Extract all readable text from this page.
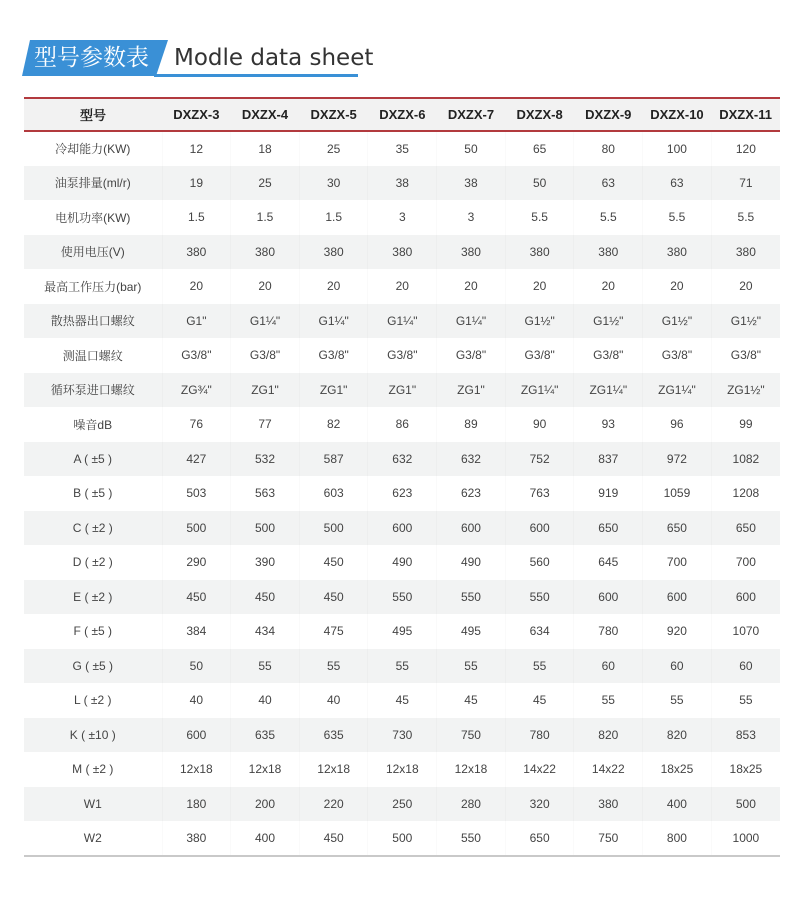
型号参数表 Modle data sheet
型号	DXZX-3	DXZX-4	DXZX-5	DXZX-6	DXZX-7	DXZX-8	DXZX-9	DXZX-10	DXZX-11
冷却能力(KW)	12	18	25	35	50	65	80	100	120
油泵排量(ml/r)	19	25	30	38	38	50	63	63	71
电机功率(KW)	1.5	1.5	1.5	3	3	5.5	5.5	5.5	5.5
使用电压(V)	380	380	380	380	380	380	380	380	380
最高工作压力(bar)	20	20	20	20	20	20	20	20	20
散热器出口螺纹	G1"	G1¼"	G1¼"	G1¼"	G1¼"	G1½"	G1½"	G1½"	G1½"
测温口螺纹	G3/8"	G3/8"	G3/8"	G3/8"	G3/8"	G3/8"	G3/8"	G3/8"	G3/8"
循环泵进口螺纹	ZG¾"	ZG1"	ZG1"	ZG1"	ZG1"	ZG1¼"	ZG1¼"	ZG1¼"	ZG1½"
噪音dB	76	77	82	86	89	90	93	96	99
A ( ±5 )	427	532	587	632	632	752	837	972	1082
B ( ±5 )	503	563	603	623	623	763	919	1059	1208
C ( ±2 )	500	500	500	600	600	600	650	650	650
D ( ±2 )	290	390	450	490	490	560	645	700	700
E ( ±2 )	450	450	450	550	550	550	600	600	600
F ( ±5 )	384	434	475	495	495	634	780	920	1070
G ( ±5 )	50	55	55	55	55	55	60	60	60
L ( ±2 )	40	40	40	45	45	45	55	55	55
K ( ±10 )	600	635	635	730	750	780	820	820	853
M ( ±2 )	12x18	12x18	12x18	12x18	12x18	14x22	14x22	18x25	18x25
W1	180	200	220	250	280	320	380	400	500
W2	380	400	450	500	550	650	750	800	1000
